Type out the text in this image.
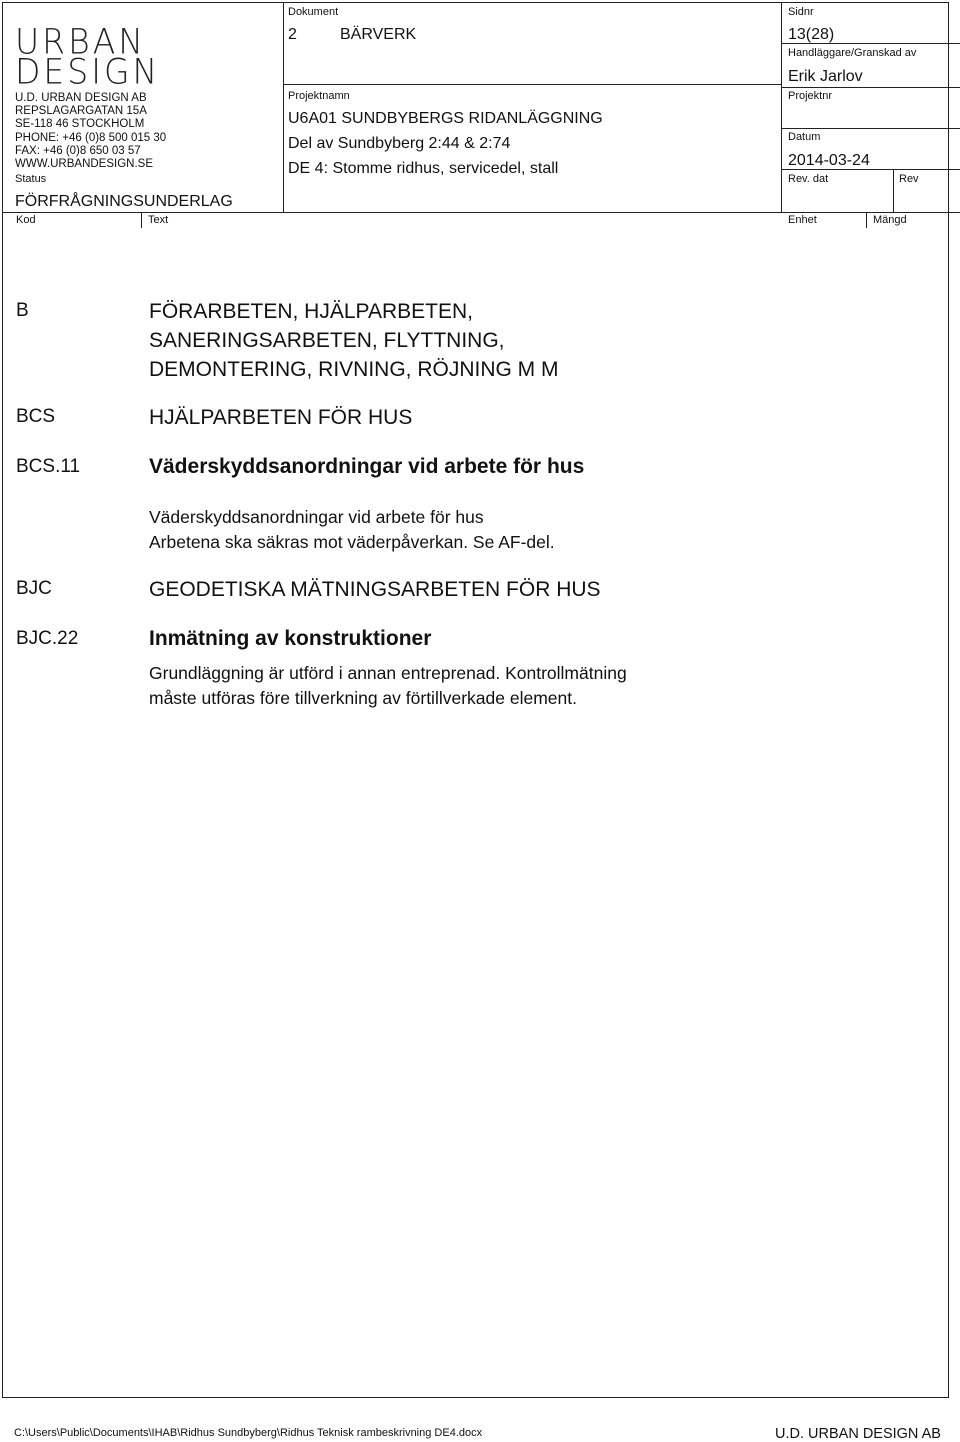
URBAN
DESIGN
U.D. URBAN DESIGN AB
REPSLAGARGATAN 15A
SE-118 46 STOCKHOLM
PHONE: +46 (0)8 500 015 30
FAX: +46 (0)8 650 03 57
WWW.URBANDESIGN.SE
Status
FÖRFRÅGNINGSUNDERLAG
Dokument
2	BÄRVERK
Projektnamn
U6A01 SUNDBYBERGS RIDANLÄGGNING
Del av Sundbyberg 2:44 & 2:74
DE 4: Stomme ridhus, servicedel, stall
Sidnr
13(28)
Handläggare/Granskad av
Erik Jarlov
Projektnr
Datum
2014-03-24
Rev. dat	Rev
Kod	Text	Enhet	Mängd
B	FÖRARBETEN, HJÄLPARBETEN,
SANERINGSARBETEN, FLYTTNING,
DEMONTERING, RIVNING, RÖJNING M M
BCS	HJÄLPARBETEN FÖR HUS
BCS.11	Väderskyddsanordningar vid arbete för hus
Väderskyddsanordningar vid arbete för hus
Arbetena ska säkras mot väderpåverkan. Se AF-del.
BJC	GEODETISKA MÄTNINGSARBETEN FÖR HUS
BJC.22	Inmätning av konstruktioner
Grundläggning är utförd i annan entreprenad. Kontrollmätning
måste utföras före tillverkning av förtillverkade element.
C:\Users\Public\Documents\IHAB\Ridhus Sundbyberg\Ridhus Teknisk rambeskrivning DE4.docx	U.D. URBAN DESIGN AB
